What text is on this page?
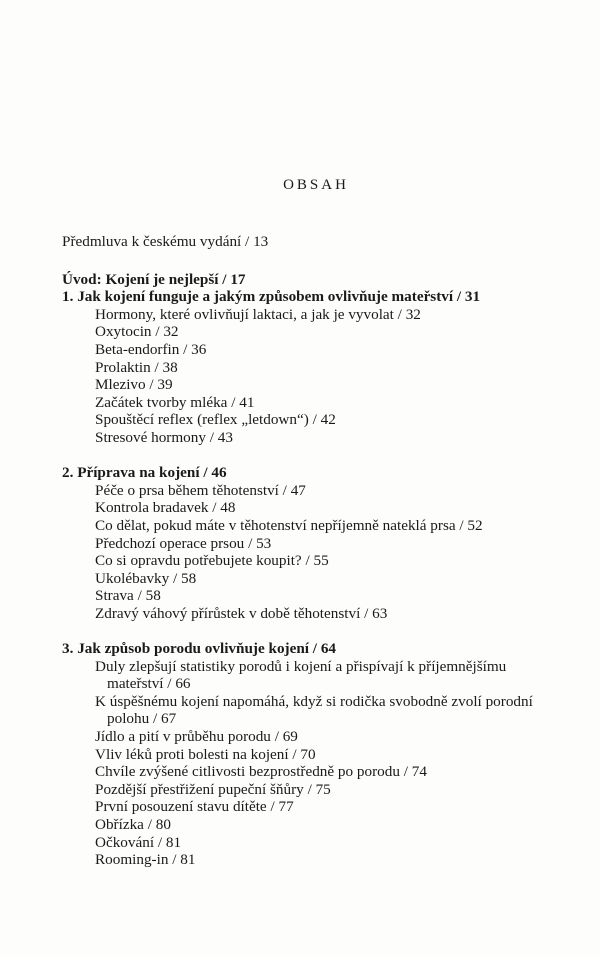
OBSAH
Předmluva k českému vydání / 13
Úvod: Kojení je nejlepší / 17
1. Jak kojení funguje a jakým způsobem ovlivňuje mateřství / 31
Hormony, které ovlivňují laktaci, a jak je vyvolat / 32
Oxytocin / 32
Beta-endorfin / 36
Prolaktin / 38
Mlezivo / 39
Začátek tvorby mléka / 41
Spouštěcí reflex (reflex „letdown“) / 42
Stresové hormony / 43
2. Příprava na kojení / 46
Péče o prsa během těhotenství / 47
Kontrola bradavek / 48
Co dělat, pokud máte v těhotenství nepříjemně nateklá prsa / 52
Předchozí operace prsou / 53
Co si opravdu potřebujete koupit? / 55
Ukolébavky / 58
Strava / 58
Zdravý váhový přírůstek v době těhotenství / 63
3. Jak způsob porodu ovlivňuje kojení / 64
Duly zlepšují statistiky porodů i kojení a přispívají k příjemnějšímu
mateřství / 66
K úspěšnému kojení napomáhá, když si rodička svobodně zvolí porodní
polohu / 67
Jídlo a pití v průběhu porodu / 69
Vliv léků proti bolesti na kojení / 70
Chvíle zvýšené citlivosti bezprostředně po porodu / 74
Pozdější přestřižení pupeční šňůry / 75
První posouzení stavu dítěte / 77
Obřízka / 80
Očkování / 81
Rooming-in / 81
